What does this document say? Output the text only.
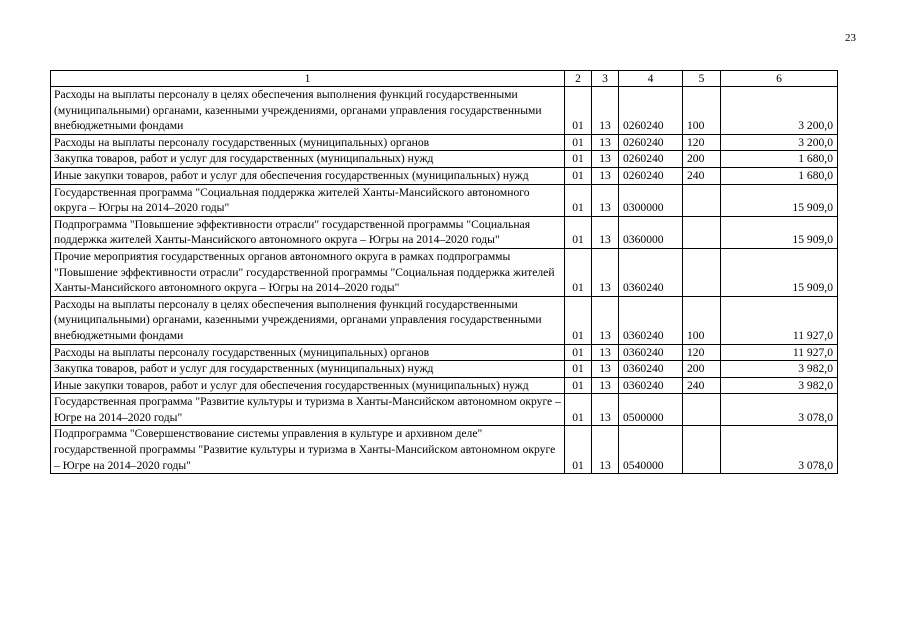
23
1	2	3	4	5	6
Расходы на выплаты персоналу в целях обеспечения выполнения функций государственными (муниципальными) органами, казенными учреждениями, органами управления государственными внебюджетными фондами	01	13	0260240	100	3 200,0
Расходы на выплаты персоналу государственных (муниципальных) органов	01	13	0260240	120	3 200,0
Закупка товаров, работ и услуг для государственных (муниципальных) нужд	01	13	0260240	200	1 680,0
Иные закупки товаров, работ и услуг для обеспечения государственных (муниципальных) нужд	01	13	0260240	240	1 680,0
Государственная программа "Социальная поддержка жителей Ханты-Мансийского автономного округа – Югры на 2014–2020 годы"	01	13	0300000		15 909,0
Подпрограмма "Повышение эффективности отрасли" государственной программы "Социальная поддержка жителей Ханты-Мансийского автономного округа – Югры на 2014–2020 годы"	01	13	0360000		15 909,0
Прочие мероприятия государственных органов автономного округа в рамках подпрограммы "Повышение эффективности отрасли" государственной программы "Социальная поддержка жителей Ханты-Мансийского автономного округа – Югры на 2014–2020 годы"	01	13	0360240		15 909,0
Расходы на выплаты персоналу в целях обеспечения выполнения функций государственными (муниципальными) органами, казенными учреждениями, органами управления государственными внебюджетными фондами	01	13	0360240	100	11 927,0
Расходы на выплаты персоналу государственных (муниципальных) органов	01	13	0360240	120	11 927,0
Закупка товаров, работ и услуг для государственных (муниципальных) нужд	01	13	0360240	200	3 982,0
Иные закупки товаров, работ и услуг для обеспечения государственных (муниципальных) нужд	01	13	0360240	240	3 982,0
Государственная программа "Развитие культуры и туризма в Ханты-Мансийском автономном округе – Югре на 2014–2020 годы"	01	13	0500000		3 078,0
Подпрограмма "Совершенствование системы управления в культуре и архивном деле" государственной программы "Развитие культуры и туризма в Ханты-Мансийском автономном округе – Югре на 2014–2020 годы"	01	13	0540000		3 078,0
